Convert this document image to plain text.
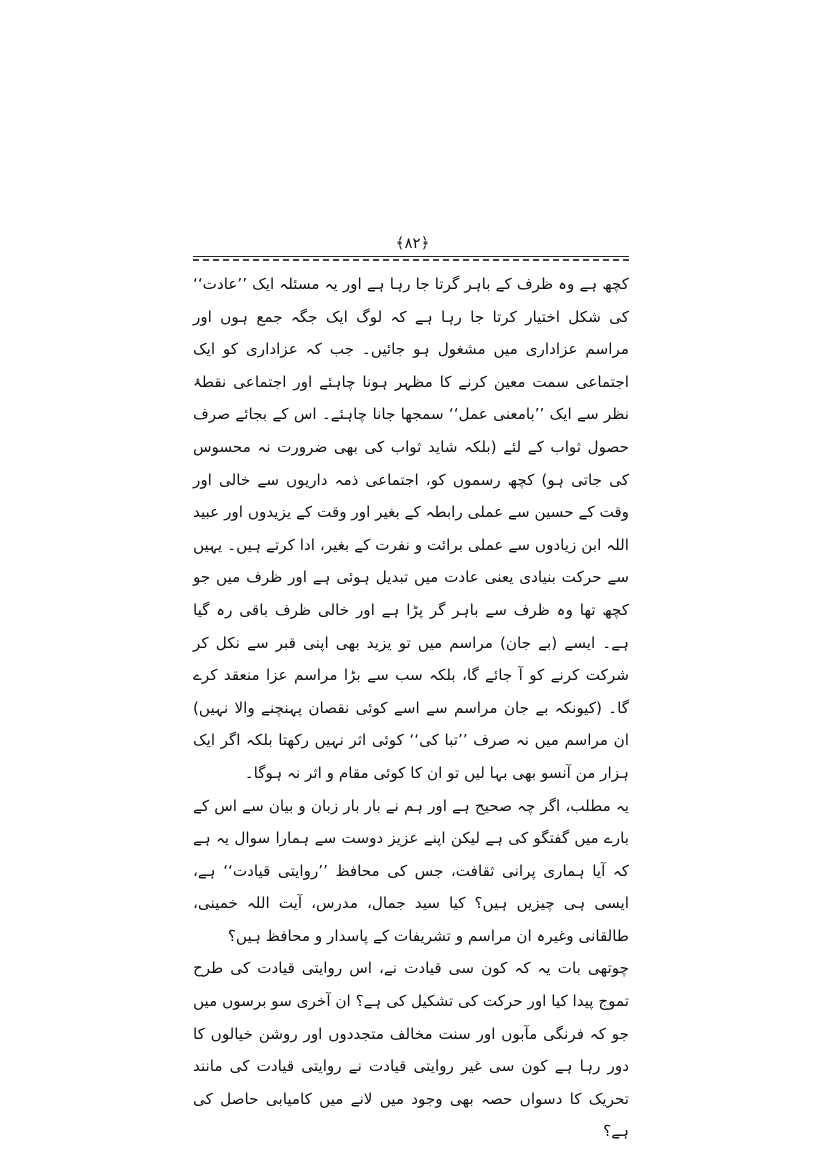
﴿۸۲﴾

کچھ ہے وہ ظرف کے باہر گرتا جا رہا ہے اور یہ مسئلہ ایک ’’عادت‘‘ کی شکل اختیار کرتا جا رہا ہے کہ لوگ ایک جگہ جمع ہوں اور مراسم عزاداری میں مشغول ہو جائیں۔ جب کہ عزاداری کو ایک اجتماعی سمت معین کرنے کا مظہر ہونا چاہئے اور اجتماعی نقطۂ نظر سے ایک ’’بامعنی عمل‘‘ سمجھا جانا چاہئے۔ اس کے بجائے صرف حصول ثواب کے لئے (بلکہ شاید ثواب کی بھی ضرورت نہ محسوس کی جاتی ہو) کچھ رسموں کو، اجتماعی ذمہ داریوں سے خالی اور وقت کے حسین سے عملی رابطہ کے بغیر اور وقت کے یزیدوں اور عبید اللہ ابن زیادوں سے عملی برائت و نفرت کے بغیر، ادا کرتے ہیں۔ یہیں سے حرکت بنیادی یعنی عادت میں تبدیل ہوئی ہے اور ظرف میں جو کچھ تھا وہ ظرف سے باہر گر پڑا ہے اور خالی ظرف باقی رہ گیا ہے۔ ایسے (بے جان) مراسم میں تو یزید بھی اپنی قبر سے نکل کر شرکت کرنے کو آ جائے گا، بلکہ سب سے بڑا مراسم عزا منعقد کرے گا۔ (کیونکہ بے جان مراسم سے اسے کوئی نقصان پہنچنے والا نہیں) ان مراسم میں نہ صرف ’’تبا کی‘‘ کوئی اثر نہیں رکھتا بلکہ اگر ایک ہزار من آنسو بھی بہا لیں تو ان کا کوئی مقام و اثر نہ ہوگا۔

یہ مطلب، اگر چہ صحیح ہے اور ہم نے بار بار زبان و بیان سے اس کے بارے میں گفتگو کی ہے لیکن اپنے عزیز دوست سے ہمارا سوال یہ ہے کہ آیا ہماری پرانی ثقافت، جس کی محافظ ’’روایتی قیادت‘‘ ہے، ایسی ہی چیزیں ہیں؟ کیا سید جمال، مدرس، آیت اللہ خمینی، طالقانی وغیرہ ان مراسم و تشریفات کے پاسدار و محافظ ہیں؟

چوتھی بات یہ کہ کون سی قیادت نے، اس روایتی قیادت کی طرح تموج پیدا کیا اور حرکت کی تشکیل کی ہے؟ ان آخری سو برسوں میں جو کہ فرنگی مآبوں اور سنت مخالف متجددوں اور روشن خیالوں کا دور رہا ہے کون سی غیر روایتی قیادت نے روایتی قیادت کی مانند تحریک کا دسواں حصہ بھی وجود میں لانے میں کامیابی حاصل کی ہے؟
